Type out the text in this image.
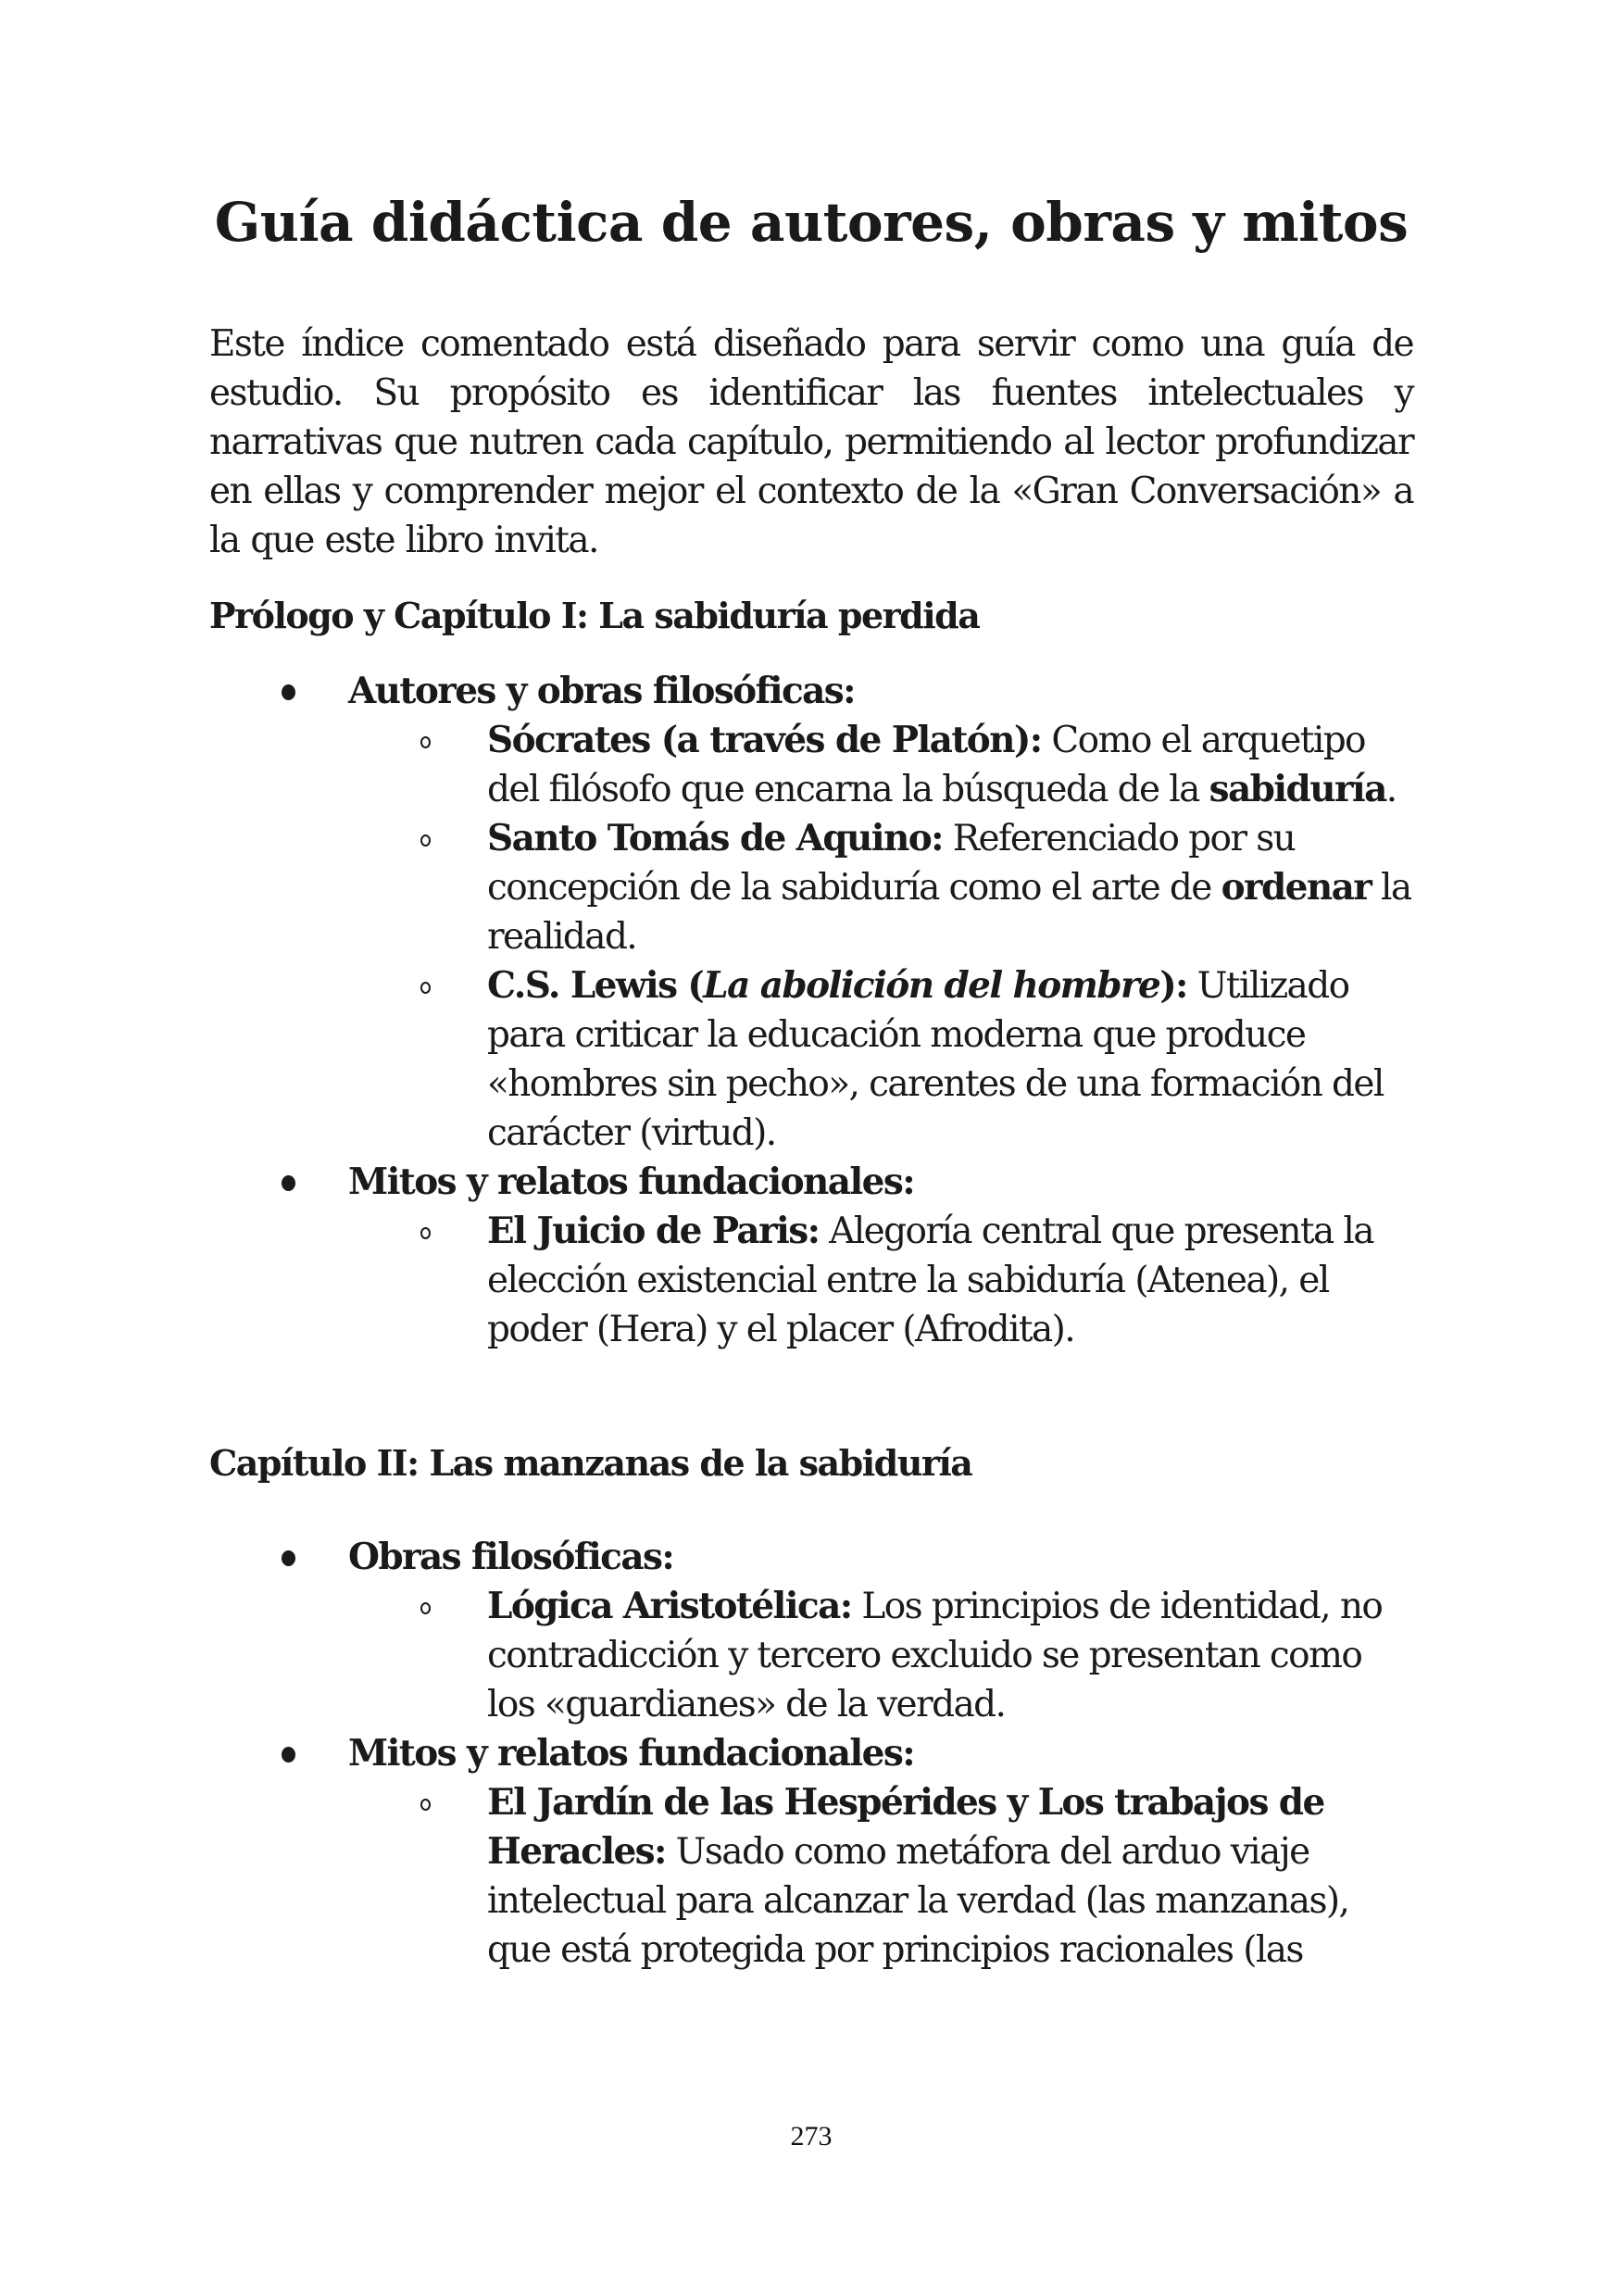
Guía didáctica de autores, obras y mitos

Este índice comentado está diseñado para servir como una guía de estudio. Su propósito es identificar las fuentes intelectuales y narrativas que nutren cada capítulo, permitiendo al lector profundizar en ellas y comprender mejor el contexto de la «Gran Conversación» a la que este libro invita.

Prólogo y Capítulo I: La sabiduría perdida
Autores y obras filosóficas:
Sócrates (a través de Platón): Como el arquetipo del filósofo que encarna la búsqueda de la sabiduría.
Santo Tomás de Aquino: Referenciado por su concepción de la sabiduría como el arte de ordenar la realidad.
C.S. Lewis (La abolición del hombre): Utilizado para criticar la educación moderna que produce «hombres sin pecho», carentes de una formación del carácter (virtud).
Mitos y relatos fundacionales:
El Juicio de Paris: Alegoría central que presenta la elección existencial entre la sabiduría (Atenea), el poder (Hera) y el placer (Afrodita).
Capítulo II: Las manzanas de la sabiduría
Obras filosóficas:
Lógica Aristotélica: Los principios de identidad, no contradicción y tercero excluido se presentan como los «guardianes» de la verdad.
Mitos y relatos fundacionales:
El Jardín de las Hespérides y Los trabajos de Heracles: Usado como metáfora del arduo viaje intelectual para alcanzar la verdad (las manzanas), que está protegida por principios racionales (las
273
